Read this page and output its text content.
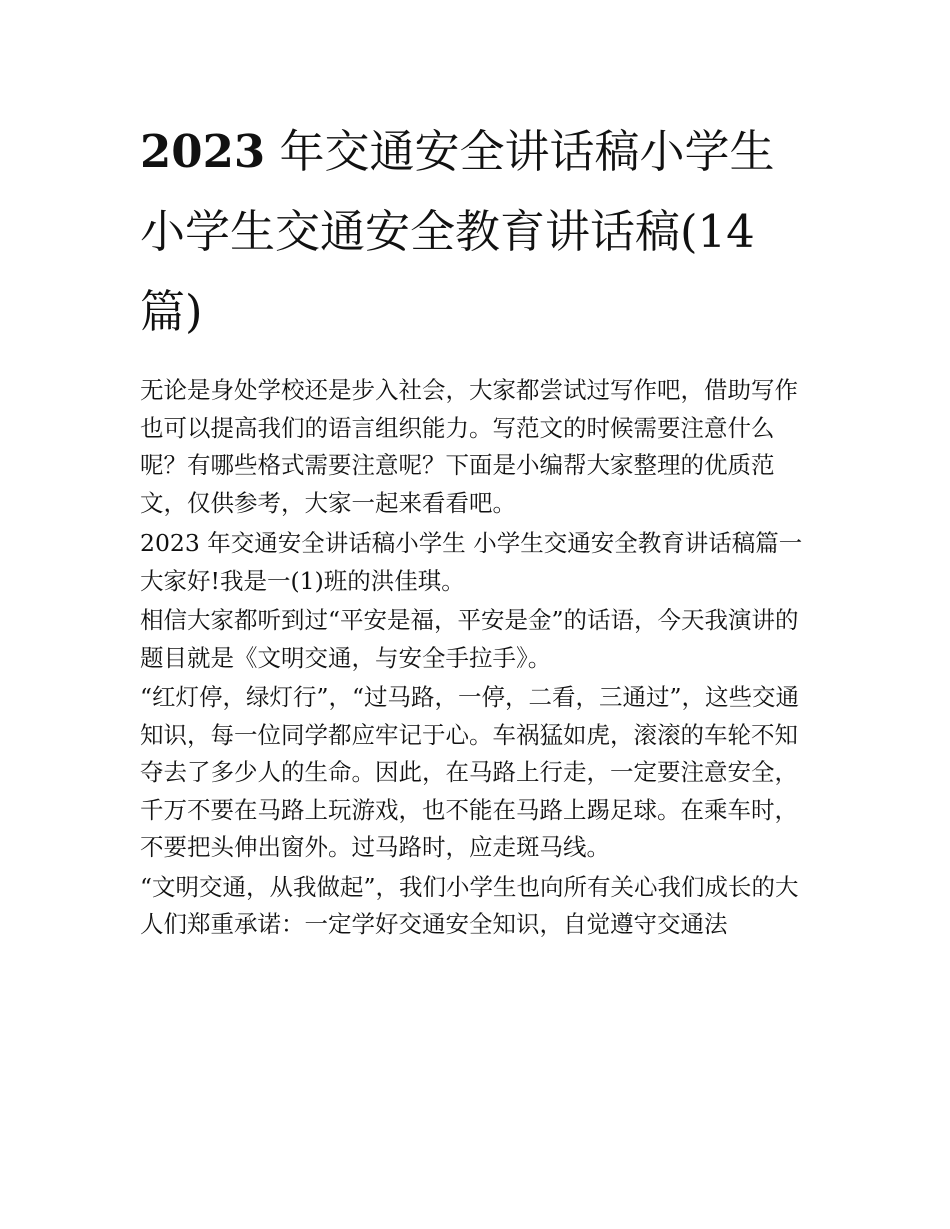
2023 年交通安全讲话稿小学生小学生交通安全教育讲话稿(14篇)

无论是身处学校还是步入社会，大家都尝试过写作吧，借助写作也可以提高我们的语言组织能力。写范文的时候需要注意什么呢？有哪些格式需要注意呢？下面是小编帮大家整理的优质范文，仅供参考，大家一起来看看吧。

2023 年交通安全讲话稿小学生 小学生交通安全教育讲话稿篇一 大家好!我是一(1)班的洪佳琪。

相信大家都听到过“平安是福，平安是金”的话语，今天我演讲的题目就是《文明交通，与安全手拉手》。

“红灯停，绿灯行”，“过马路，一停，二看，三通过”，这些交通知识，每一位同学都应牢记于心。车祸猛如虎，滚滚的车轮不知夺去了多少人的生命。因此，在马路上行走，一定要注意安全，千万不要在马路上玩游戏，也不能在马路上踢足球。在乘车时，不要把头伸出窗外。过马路时，应走斑马线。

“文明交通，从我做起”，我们小学生也向所有关心我们成长的大人们郑重承诺：一定学好交通安全知识，自觉遵守交通法
